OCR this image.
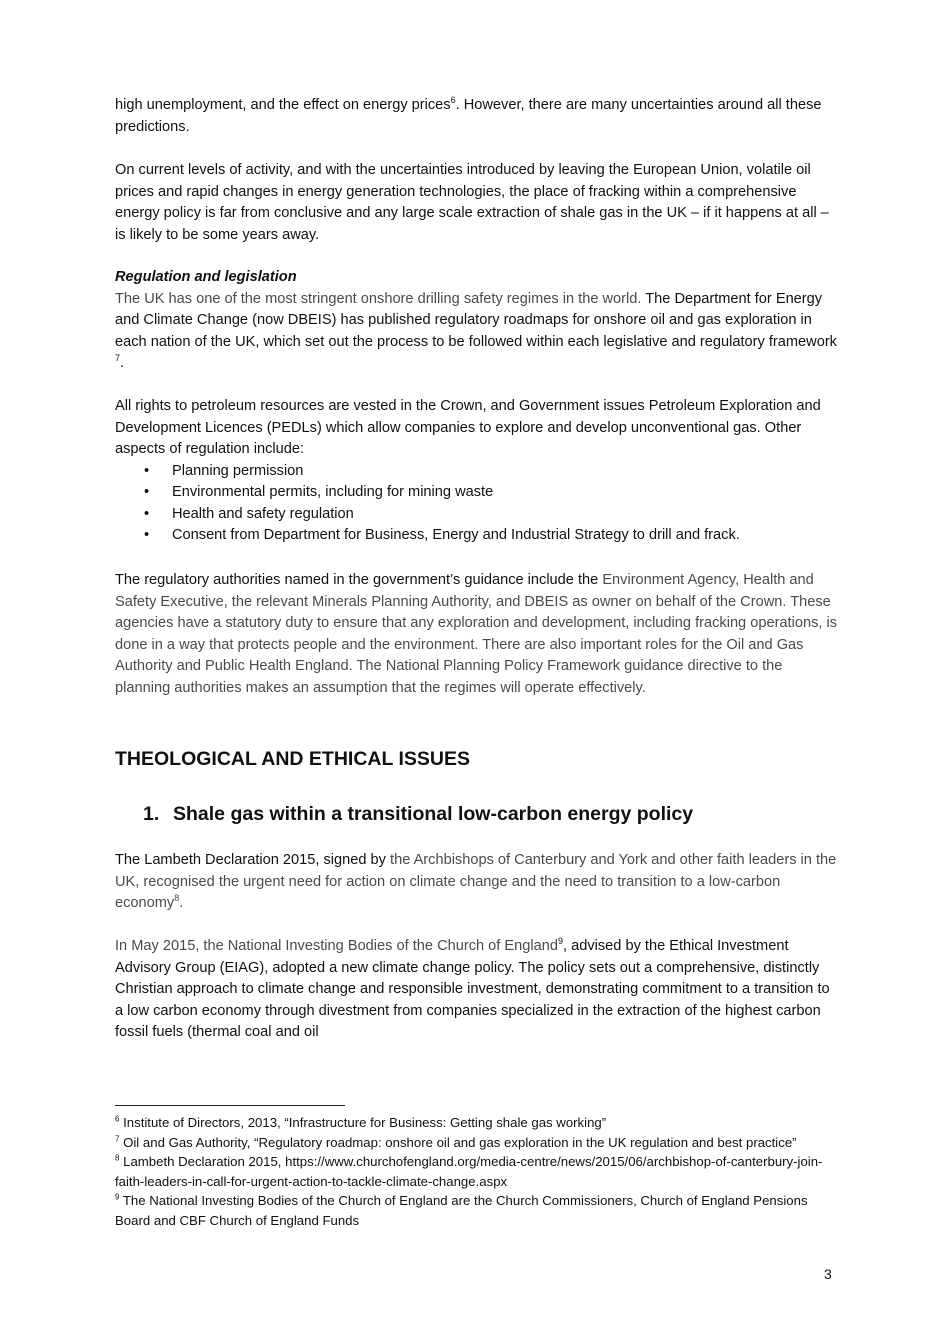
high unemployment, and the effect on energy prices$^6$. However, there are many uncertainties around all these predictions.

On current levels of activity, and with the uncertainties introduced by leaving the European Union, volatile oil prices and rapid changes in energy generation technologies, the place of fracking within a comprehensive energy policy is far from conclusive and any large scale extraction of shale gas in the UK – if it happens at all – is likely to be some years away.

Regulation and legislation

The UK has one of the most stringent onshore drilling safety regimes in the world. The Department for Energy and Climate Change (now DBEIS) has published regulatory roadmaps for onshore oil and gas exploration in each nation of the UK, which set out the process to be followed within each legislative and regulatory framework $^7$.

All rights to petroleum resources are vested in the Crown, and Government issues Petroleum Exploration and Development Licences (PEDLs) which allow companies to explore and develop unconventional gas. Other aspects of regulation include:

• Planning permission
• Environmental permits, including for mining waste
• Health and safety regulation
• Consent from Department for Business, Energy and Industrial Strategy to drill and frack.

The regulatory authorities named in the government’s guidance include the Environment Agency, Health and Safety Executive, the relevant Minerals Planning Authority, and DBEIS as owner on behalf of the Crown. These agencies have a statutory duty to ensure that any exploration and development, including fracking operations, is done in a way that protects people and the environment. There are also important roles for the Oil and Gas Authority and Public Health England. The National Planning Policy Framework guidance directive to the planning authorities makes an assumption that the regimes will operate effectively.

THEOLOGICAL AND ETHICAL ISSUES
1. Shale gas within a transitional low-carbon energy policy

The Lambeth Declaration 2015, signed by the Archbishops of Canterbury and York and other faith leaders in the UK, recognised the urgent need for action on climate change and the need to transition to a low-carbon economy$^8$.

In May 2015, the National Investing Bodies of the Church of England$^9$, advised by the Ethical Investment Advisory Group (EIAG), adopted a new climate change policy. The policy sets out a comprehensive, distinctly Christian approach to climate change and responsible investment, demonstrating commitment to a transition to a low carbon economy through divestment from companies specialized in the extraction of the highest carbon fossil fuels (thermal coal and oil

$^6$ Institute of Directors, 2013, “Infrastructure for Business: Getting shale gas working”

$^7$ Oil and Gas Authority, “Regulatory roadmap: onshore oil and gas exploration in the UK regulation and best practice”

$^8$ Lambeth Declaration 2015, https://www.churchofengland.org/media-centre/news/2015/06/archbishop-of-canterbury-join-faith-leaders-in-call-for-urgent-action-to-tackle-climate-change.aspx

$^9$ The National Investing Bodies of the Church of England are the Church Commissioners, Church of England Pensions Board and CBF Church of England Funds

3
